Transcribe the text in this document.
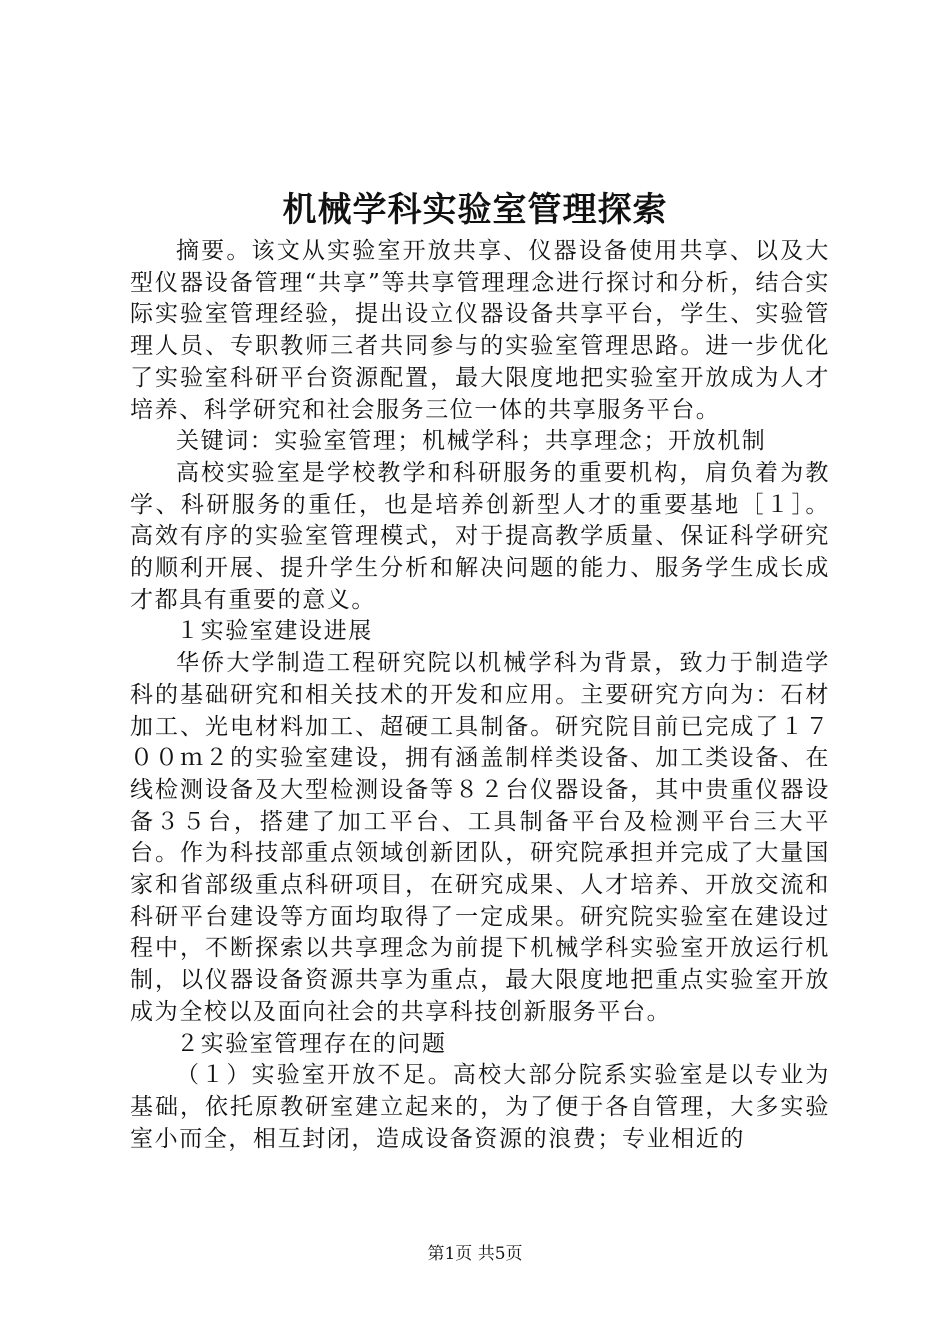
机械学科实验室管理探索

摘要。该文从实验室开放共享、仪器设备使用共享、以及大型仪器设备管理“共享”等共享管理理念进行探讨和分析，结合实际实验室管理经验，提出设立仪器设备共享平台，学生、实验管理人员、专职教师三者共同参与的实验室管理思路。进一步优化了实验室科研平台资源配置，最大限度地把实验室开放成为人才培养、科学研究和社会服务三位一体的共享服务平台。

关键词：实验室管理；机械学科；共享理念；开放机制

高校实验室是学校教学和科研服务的重要机构，肩负着为教学、科研服务的重任，也是培养创新型人才的重要基地［１］。高效有序的实验室管理模式，对于提高教学质量、保证科学研究的顺利开展、提升学生分析和解决问题的能力、服务学生成长成才都具有重要的意义。

１实验室建设进展

华侨大学制造工程研究院以机械学科为背景，致力于制造学科的基础研究和相关技术的开发和应用。主要研究方向为：石材加工、光电材料加工、超硬工具制备。研究院目前已完成了１７００ｍ２的实验室建设，拥有涵盖制样类设备、加工类设备、在线检测设备及大型检测设备等８２台仪器设备，其中贵重仪器设备３５台，搭建了加工平台、工具制备平台及检测平台三大平台。作为科技部重点领域创新团队，研究院承担并完成了大量国家和省部级重点科研项目，在研究成果、人才培养、开放交流和科研平台建设等方面均取得了一定成果。研究院实验室在建设过程中，不断探索以共享理念为前提下机械学科实验室开放运行机制，以仪器设备资源共享为重点，最大限度地把重点实验室开放成为全校以及面向社会的共享科技创新服务平台。

２实验室管理存在的问题

（１）实验室开放不足。高校大部分院系实验室是以专业为基础，依托原教研室建立起来的，为了便于各自管理，大多实验室小而全，相互封闭，造成设备资源的浪费；专业相近的

第1页 共5页
